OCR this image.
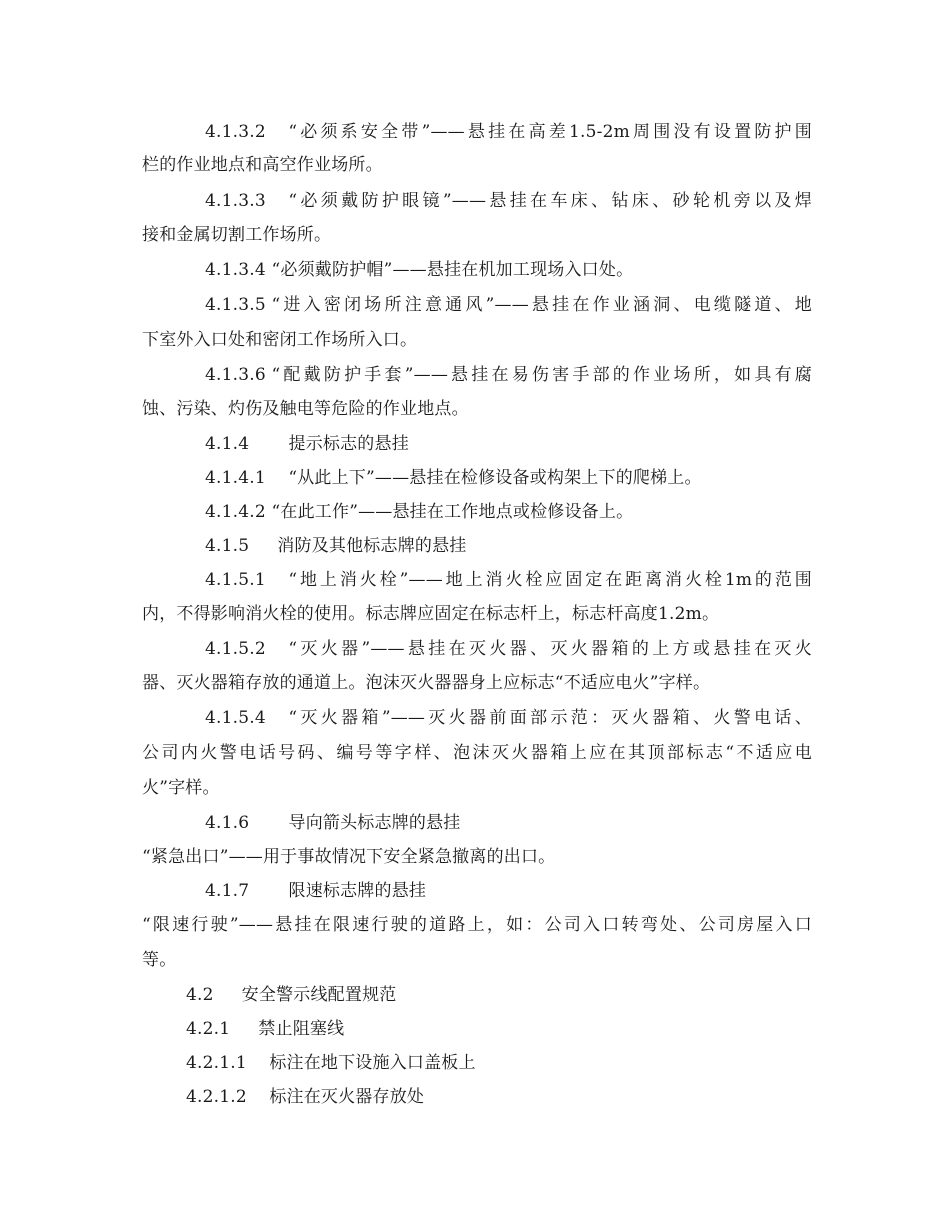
4.1.3.2 “必须系安全带”——悬挂在高差1.5-2m周围没有设置防护围
栏的作业地点和高空作业场所。
4.1.3.3 “必须戴防护眼镜”——悬挂在车床、钻床、砂轮机旁以及焊
接和金属切割工作场所。
4.1.3.4 “必须戴防护帽”——悬挂在机加工现场入口处。
4.1.3.5 “进入密闭场所注意通风”——悬挂在作业涵洞、电缆隧道、地
下室外入口处和密闭工作场所入口。
4.1.3.6 “配戴防护手套”——悬挂在易伤害手部的作业场所，如具有腐
蚀、污染、灼伤及触电等危险的作业地点。
4.1.4 提示标志的悬挂
4.1.4.1 “从此上下”——悬挂在检修设备或构架上下的爬梯上。
4.1.4.2 “在此工作”——悬挂在工作地点或检修设备上。
4.1.5 消防及其他标志牌的悬挂
4.1.5.1 “地上消火栓”——地上消火栓应固定在距离消火栓1m的范围
内，不得影响消火栓的使用。标志牌应固定在标志杆上，标志杆高度1.2m。
4.1.5.2 “灭火器”——悬挂在灭火器、灭火器箱的上方或悬挂在灭火
器、灭火器箱存放的通道上。泡沫灭火器器身上应标志“不适应电火”字样。
4.1.5.4 “灭火器箱”——灭火器前面部示范：灭火器箱、火警电话、
公司内火警电话号码、编号等字样、泡沫灭火器箱上应在其顶部标志“不适应电
火”字样。
4.1.6 导向箭头标志牌的悬挂
“紧急出口”——用于事故情况下安全紧急撤离的出口。
4.1.7 限速标志牌的悬挂
“限速行驶”——悬挂在限速行驶的道路上，如：公司入口转弯处、公司房屋入口
等。
4.2 安全警示线配置规范
4.2.1 禁止阻塞线
4.2.1.1 标注在地下设施入口盖板上
4.2.1.2 标注在灭火器存放处
